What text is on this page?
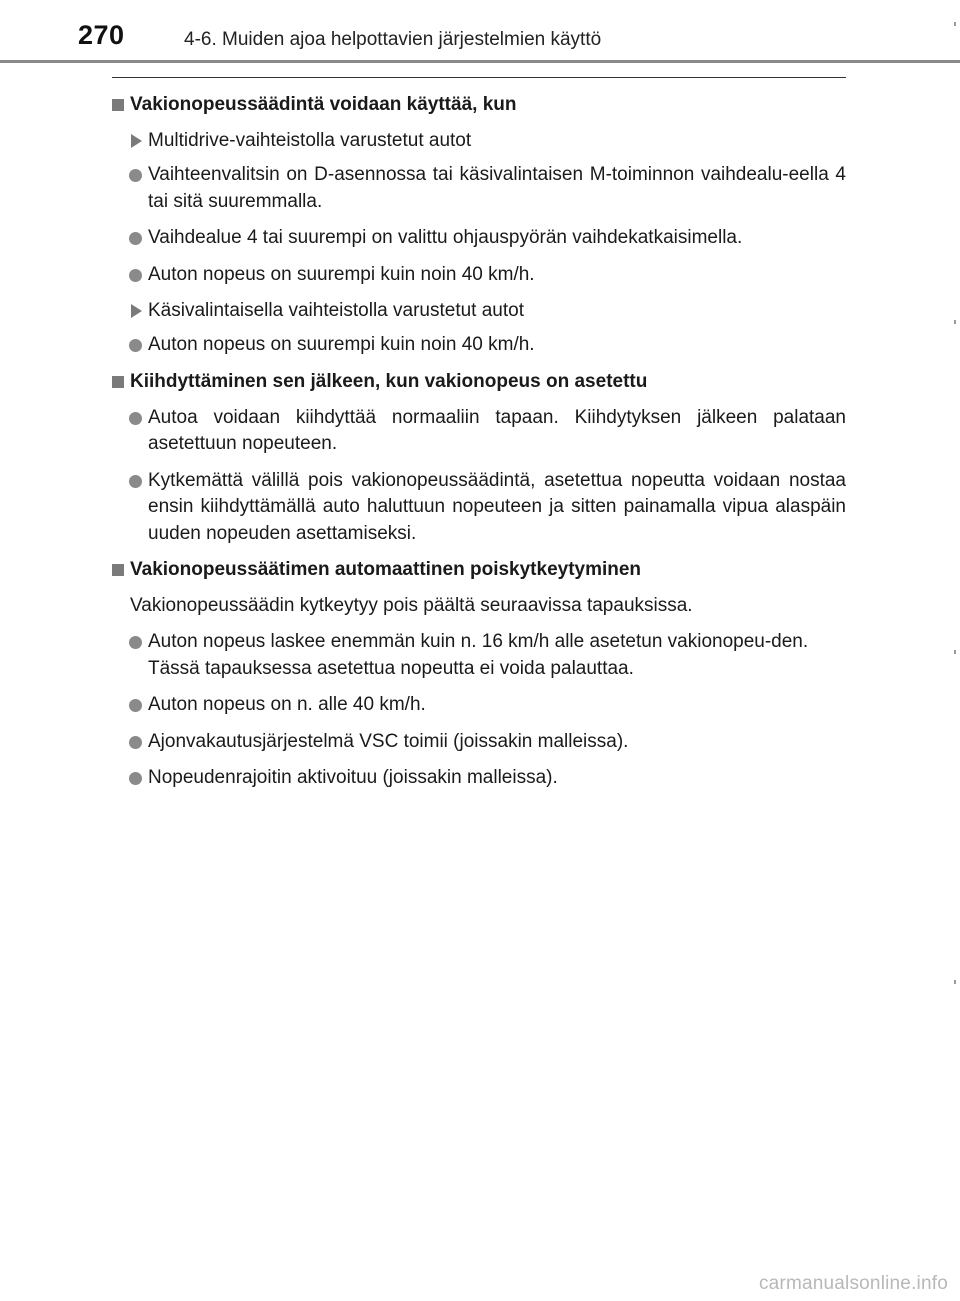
270	4-6. Muiden ajoa helpottavien järjestelmien käyttö
Vakionopeussäädintä voidaan käyttää, kun
Multidrive-vaihteistolla varustetut autot
Vaihteenvalitsin on D-asennossa tai käsivalintaisen M-toiminnon vaihdealu-eella 4 tai sitä suuremmalla.
Vaihdealue 4 tai suurempi on valittu ohjauspyörän vaihdekatkaisimella.
Auton nopeus on suurempi kuin noin 40 km/h.
Käsivalintaisella vaihteistolla varustetut autot
Auton nopeus on suurempi kuin noin 40 km/h.
Kiihdyttäminen sen jälkeen, kun vakionopeus on asetettu
Autoa voidaan kiihdyttää normaaliin tapaan. Kiihdytyksen jälkeen palataan asetettuun nopeuteen.
Kytkemättä välillä pois vakionopeussäädintä, asetettua nopeutta voidaan nostaa ensin kiihdyttämällä auto haluttuun nopeuteen ja sitten painamalla vipua alaspäin uuden nopeuden asettamiseksi.
Vakionopeussäätimen automaattinen poiskytkeytyminen
Vakionopeussäädin kytkeytyy pois päältä seuraavissa tapauksissa.
Auton nopeus laskee enemmän kuin n. 16 km/h alle asetetun vakionopeu-den.
Tässä tapauksessa asetettua nopeutta ei voida palauttaa.
Auton nopeus on n. alle 40 km/h.
Ajonvakautusjärjestelmä VSC toimii (joissakin malleissa).
Nopeudenrajoitin aktivoituu (joissakin malleissa).
carmanualsonline.info
